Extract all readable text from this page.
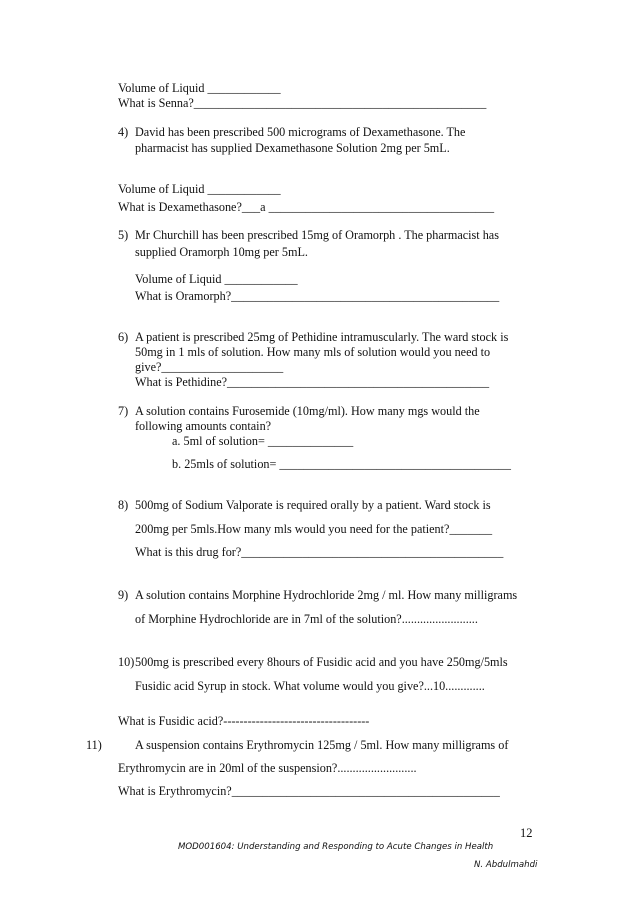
Volume of Liquid ____________
What is Senna?________________________________________________
4) David has been prescribed 500 micrograms of Dexamethasone. The
pharmacist has supplied Dexamethasone Solution 2mg per 5mL.
Volume of Liquid ____________
What is Dexamethasone?___a _____________________________________
5) Mr Churchill has been prescribed 15mg of Oramorph . The pharmacist has
supplied Oramorph 10mg per 5mL.
Volume of Liquid ____________
What is Oramorph?____________________________________________
6) A patient is prescribed 25mg of Pethidine intramuscularly. The ward stock is
50mg in 1 mls of solution. How many mls of solution would you need to
give?____________________
What is Pethidine?___________________________________________
7) A solution contains Furosemide (10mg/ml). How many mgs would the
following amounts contain?
a. 5ml of solution= ______________
b. 25mls of solution= ______________________________________
8) 500mg of Sodium Valporate is required orally by a patient. Ward stock is
200mg per 5mls.How many mls would you need for the patient?_______
What is this drug for?___________________________________________
9) A solution contains Morphine Hydrochloride 2mg / ml. How many milligrams
of Morphine Hydrochloride are in 7ml of the solution?.........................
10) 500mg is prescribed every 8hours of Fusidic acid and you have 250mg/5mls
Fusidic acid Syrup in stock. What volume would you give?...10.............
What is Fusidic acid?------------------------------------
11)	A suspension contains Erythromycin 125mg / 5ml. How many milligrams of
Erythromycin are in 20ml of the suspension?..........................
What is Erythromycin?____________________________________________
12
MOD001604: Understanding and Responding to Acute Changes in Health
N. Abdulmahdi
